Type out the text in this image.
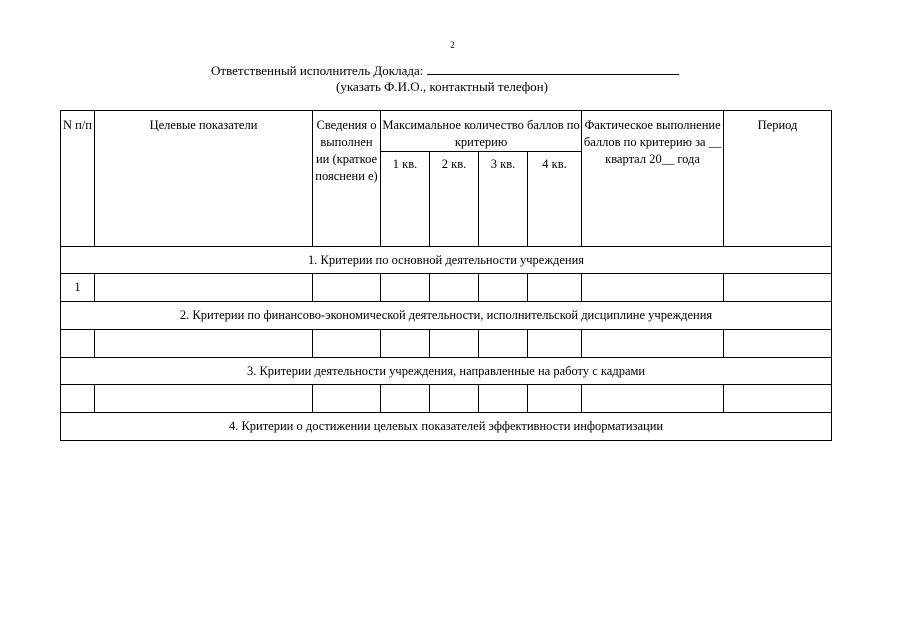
2
Ответственный исполнитель Доклада:
(указать Ф.И.О., контактный телефон)
N п/п	Целевые показатели	Сведения о выполнен ии (краткое пояснени е)	Максимальное количество баллов по критерию				Фактическое выполнение баллов по критерию за __ квартал 20__ года	Период
			1 кв.	2 кв.	3 кв.	4 кв.		
1. Критерии по основной деятельности учреждения								
1								
2. Критерии по финансово-экономической деятельности, исполнительской дисциплине учреждения								

3. Критерии деятельности учреждения, направленные на работу с кадрами								

4. Критерии о достижении целевых показателей эффективности информатизации								
